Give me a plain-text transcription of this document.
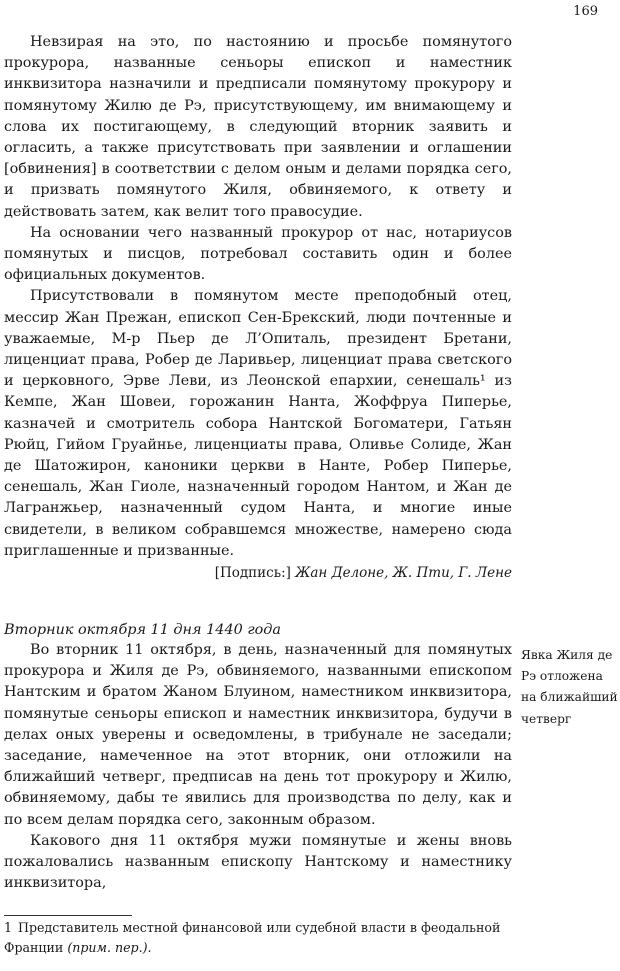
169

Невзирая на это, по настоянию и просьбе помянутого прокурора, названные сеньоры епископ и наместник инквизитора назначили и предписали помянутому прокурору и помянутому Жилю де Рэ, присутствующему, им внимающему и слова их постигающему, в следующий вторник заявить и огласить, а также присутствовать при заявлении и оглашении [обвинения] в соответствии с делом оным и делами порядка сего, и призвать помянутого Жиля, обвиняемого, к ответу и действовать затем, как велит того правосудие.

На основании чего названный прокурор от нас, нотариусов помянутых и писцов, потребовал составить один и более официальных документов.

Присутствовали в помянутом месте преподобный отец, мессир Жан Прежан, епископ Сен-Брекский, люди почтенные и уважаемые, М-р Пьер де Л’Опиталь, президент Бретани, лиценциат права, Робер де Ларивьер, лиценциат права светского и церковного, Эрве Леви, из Леонской епархии, сенешаль¹ из Кемпе, Жан Шовеи, горожанин Нанта, Жоффруа Пиперье, казначей и смотритель собора Нантской Богоматери, Гатьян Рюйц, Гийом Груайнье, лиценциаты права, Оливье Солиде, Жан де Шатожирон, каноники церкви в Нанте, Робер Пиперье, сенешаль, Жан Гиоле, назначенный городом Нантом, и Жан де Лагранжьер, назначенный судом Нанта, и многие иные свидетели, в великом собравшемся множестве, намерено сюда приглашенные и призванные.

[Подпись:] Жан Делоне, Ж. Пти, Г. Лене
Вторник октября 11 дня 1440 года

Во вторник 11 октября, в день, назначенный для помянутых прокурора и Жиля де Рэ, обвиняемого, названными епископом Нантским и братом Жаном Блуином, наместником инквизитора, помянутые сеньоры епископ и наместник инквизитора, будучи в делах оных уверены и осведомлены, в трибунале не заседали; заседание, намеченное на этот вторник, они отложили на ближайший четверг, предписав на день тот прокурору и Жилю, обвиняемому, дабы те явились для производства по делу, как и по всем делам порядка сего, законным образом.

Какового дня 11 октября мужи помянутые и жены вновь пожаловались названным епископу Нантскому и наместнику инквизитора,

Явка Жиля де Рэ отложена на ближайший четверг
1 Представитель местной финансовой или судебной власти в феодальной Франции (прим. пер.).
